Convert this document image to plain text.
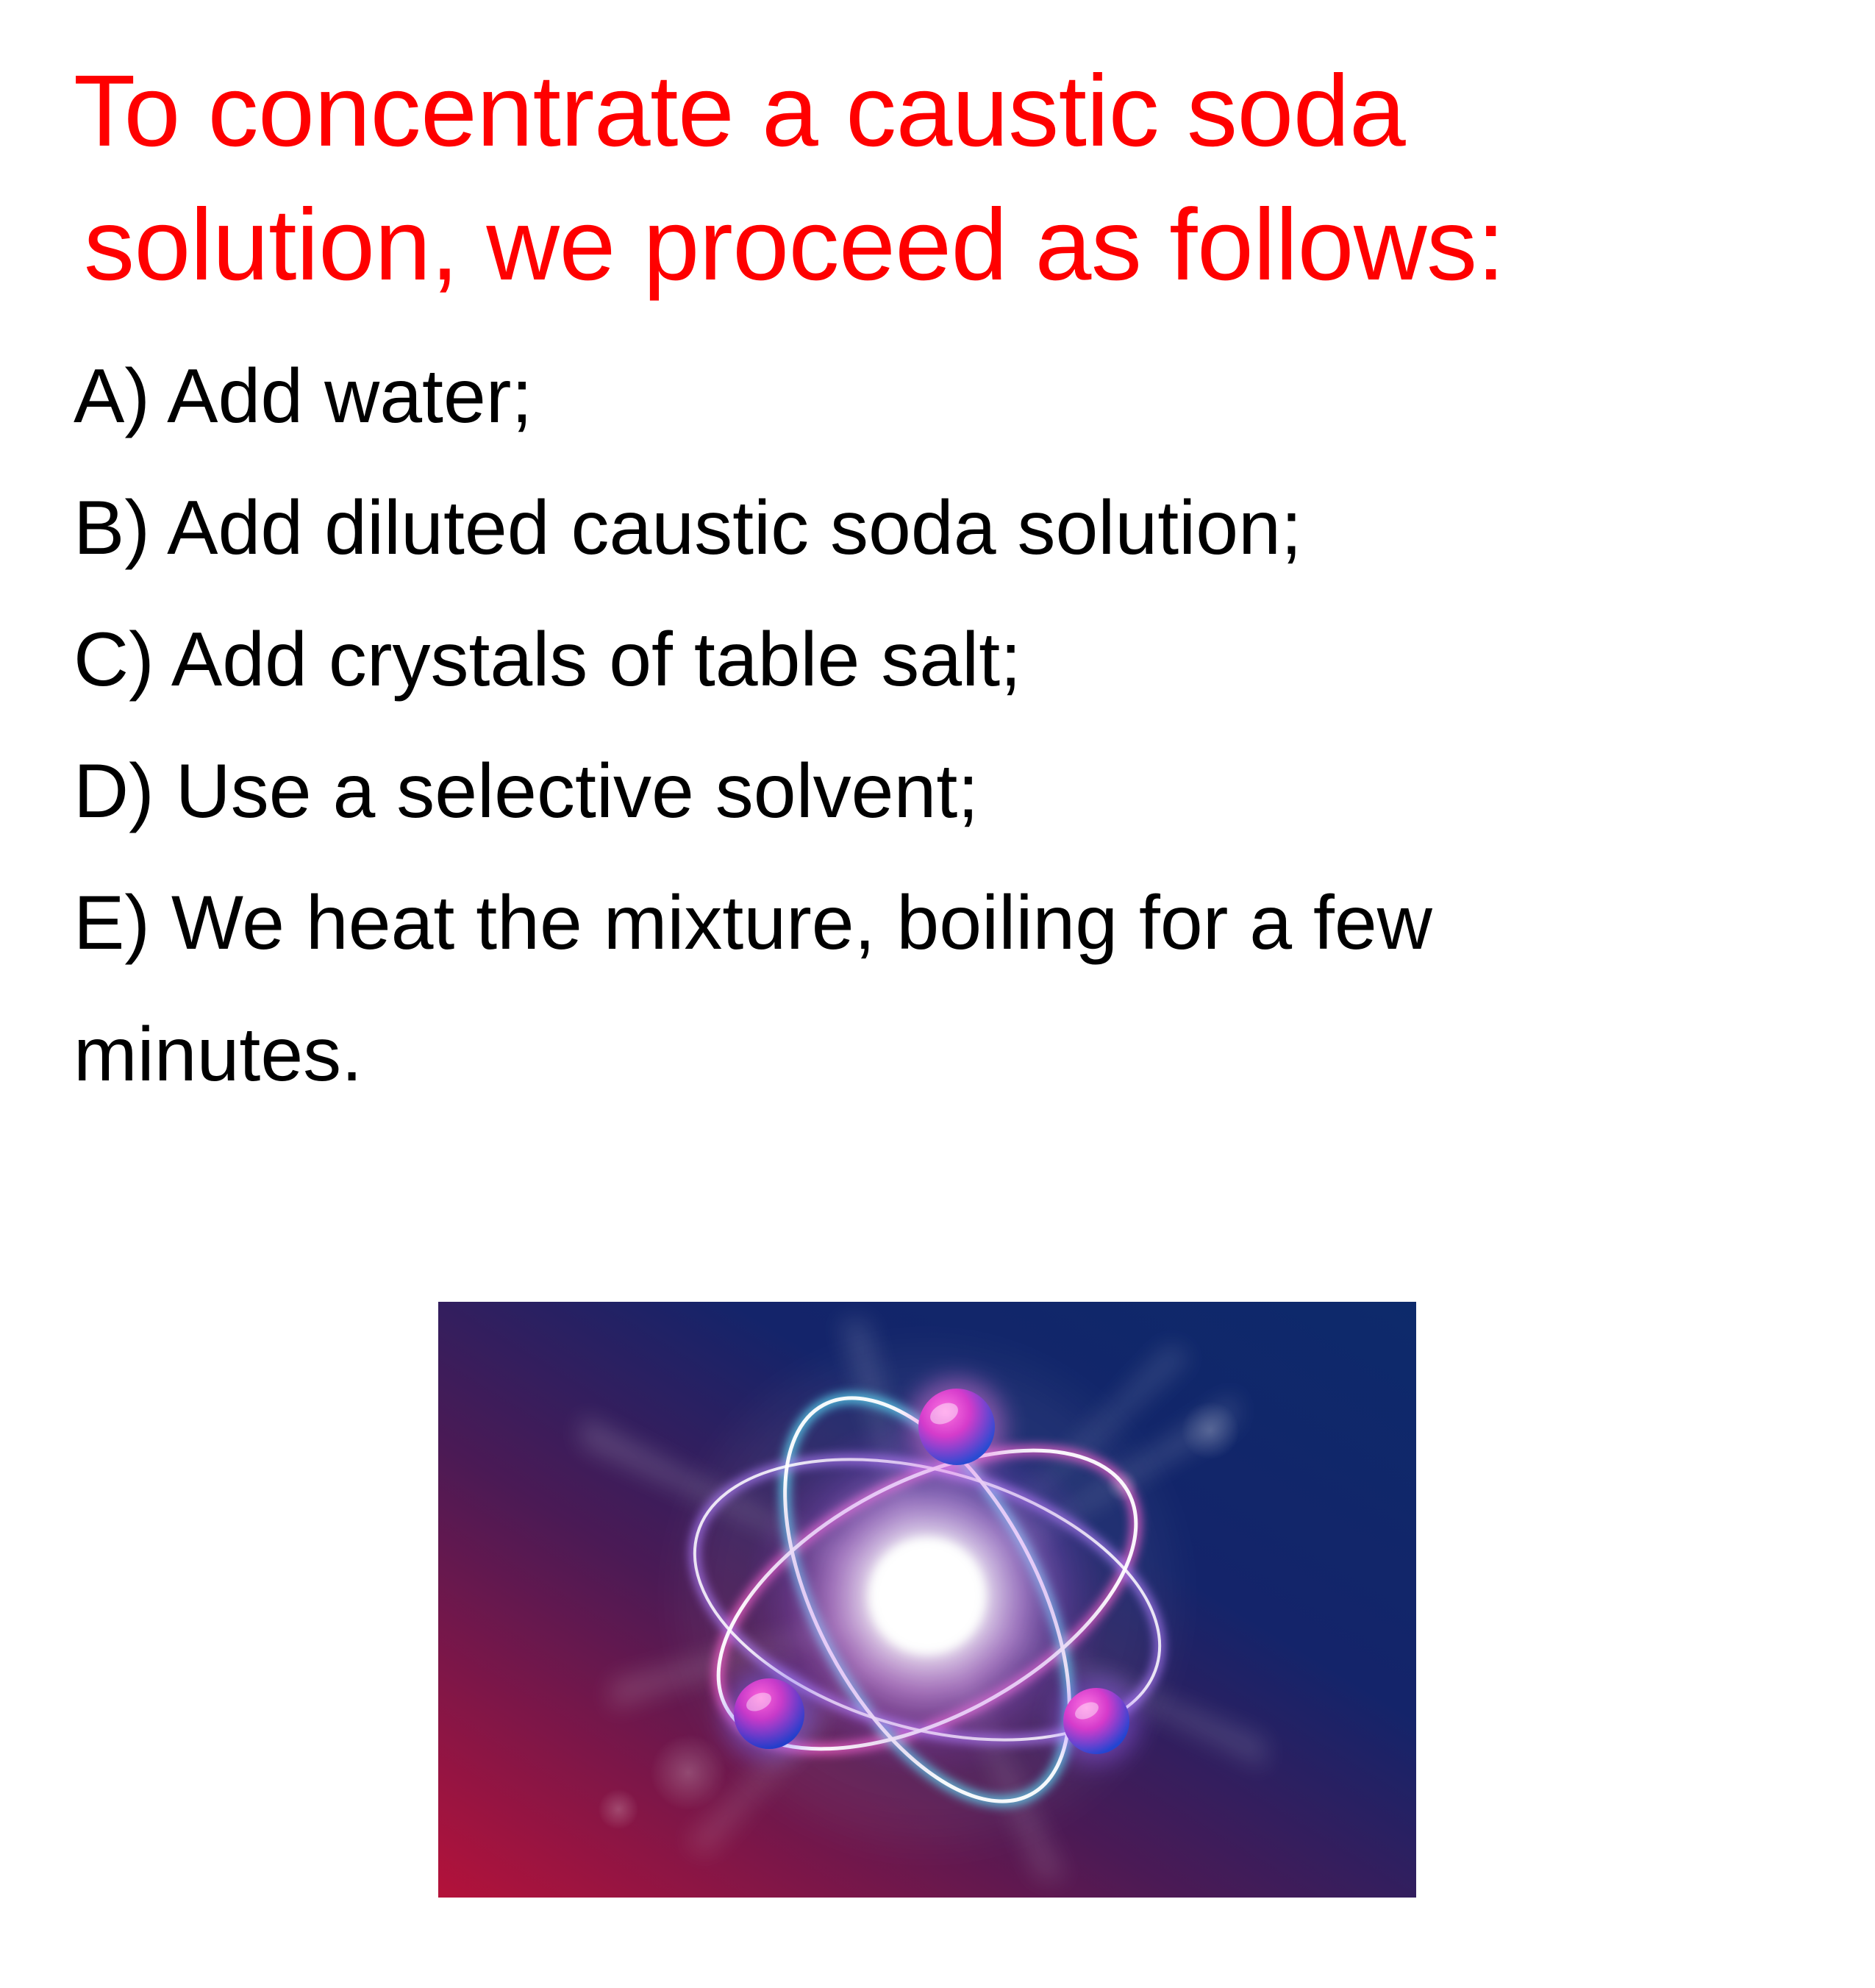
To concentrate a caustic soda
solution, we proceed as follows:
A) Add water;
B) Add diluted caustic soda solution;
C) Add crystals of table salt;
D) Use a selective solvent;
E) We heat the mixture, boiling for a few
minutes.
